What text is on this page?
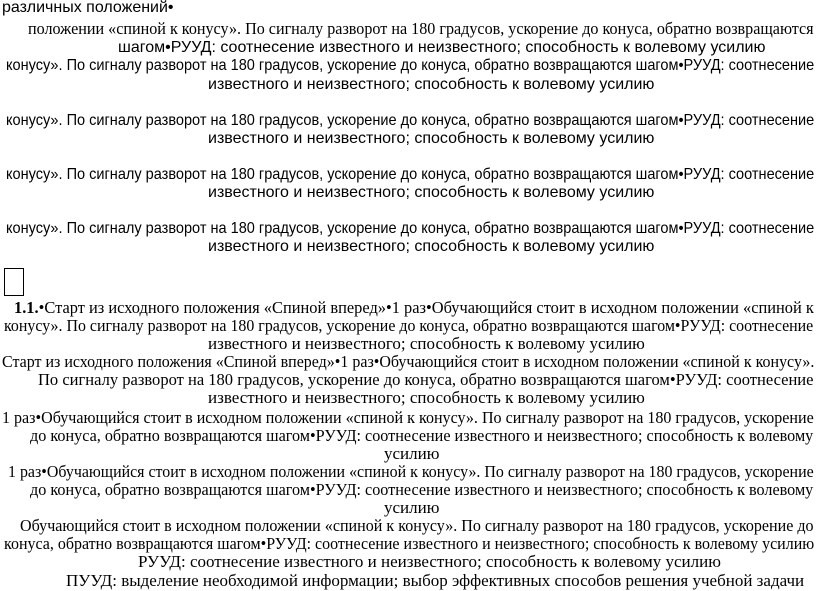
различных положений•
положении «спиной к конусу». По сигналу разворот на 180 градусов, ускорение до конуса, обратно возвращаются
шагом•РУУД: соотнесение известного и неизвестного; способность к волевому усилию
конусу». По сигналу разворот на 180 градусов, ускорение до конуса, обратно возвращаются шагом•РУУД: соотнесение
известного и неизвестного; способность к волевому усилию
конусу». По сигналу разворот на 180 градусов, ускорение до конуса, обратно возвращаются шагом•РУУД: соотнесение
известного и неизвестного; способность к волевому усилию
конусу». По сигналу разворот на 180 градусов, ускорение до конуса, обратно возвращаются шагом•РУУД: соотнесение
известного и неизвестного; способность к волевому усилию
конусу». По сигналу разворот на 180 градусов, ускорение до конуса, обратно возвращаются шагом•РУУД: соотнесение
известного и неизвестного; способность к волевому усилию
1.1.•Старт из исходного положения «Спиной вперед»•1 раз•Обучающийся стоит в исходном положении «спиной к
конусу». По сигналу разворот на 180 градусов, ускорение до конуса, обратно возвращаются шагом•РУУД: соотнесение
известного и неизвестного; способность к волевому усилию
Старт из исходного положения «Спиной вперед»•1 раз•Обучающийся стоит в исходном положении «спиной к конусу».
По сигналу разворот на 180 градусов, ускорение до конуса, обратно возвращаются шагом•РУУД: соотнесение
известного и неизвестного; способность к волевому усилию
1 раз•Обучающийся стоит в исходном положении «спиной к конусу». По сигналу разворот на 180 градусов, ускорение
до конуса, обратно возвращаются шагом•РУУД: соотнесение известного и неизвестного; способность к волевому
усилию
1 раз•Обучающийся стоит в исходном положении «спиной к конусу». По сигналу разворот на 180 градусов, ускорение
до конуса, обратно возвращаются шагом•РУУД: соотнесение известного и неизвестного; способность к волевому
усилию
Обучающийся стоит в исходном положении «спиной к конусу». По сигналу разворот на 180 градусов, ускорение до
конуса, обратно возвращаются шагом•РУУД: соотнесение известного и неизвестного; способность к волевому усилию
РУУД: соотнесение известного и неизвестного; способность к волевому усилию
ПУУД: выделение необходимой информации; выбор эффективных способов решения учебной задачи
